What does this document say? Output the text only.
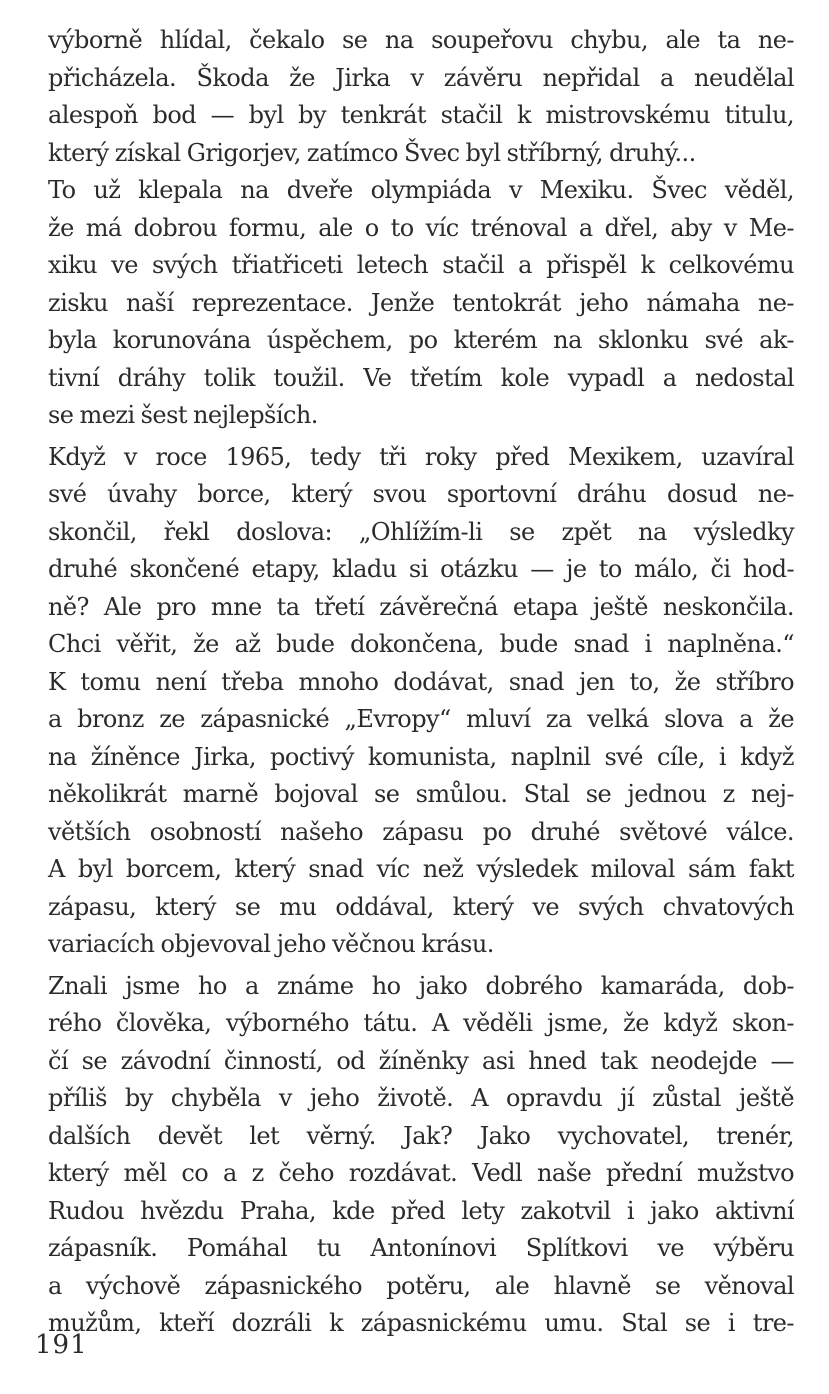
výborně hlídal, čekalo se na soupeřovu chybu, ale ta ne-
přicházela. Škoda že Jirka v závěru nepřidal a neudělal
alespoň bod — byl by tenkrát stačil k mistrovskému titulu,
který získal Grigorjev, zatímco Švec byl stříbrný, druhý...
To už klepala na dveře olympiáda v Mexiku. Švec věděl,
že má dobrou formu, ale o to víc trénoval a dřel, aby v Me-
xiku ve svých třiatřiceti letech stačil a přispěl k celkovému
zisku naší reprezentace. Jenže tentokrát jeho námaha ne-
byla korunována úspěchem, po kterém na sklonku své ak-
tivní dráhy tolik toužil. Ve třetím kole vypadl a nedostal
se mezi šest nejlepších.
Když v roce 1965, tedy tři roky před Mexikem, uzavíral
své úvahy borce, který svou sportovní dráhu dosud ne-
skončil, řekl doslova: „Ohlížím-li se zpět na výsledky
druhé skončené etapy, kladu si otázku — je to málo, či hod-
ně? Ale pro mne ta třetí závěrečná etapa ještě neskončila.
Chci věřit, že až bude dokončena, bude snad i naplněna.“
K tomu není třeba mnoho dodávat, snad jen to, že stříbro
a bronz ze zápasnické „Evropy“ mluví za velká slova a že
na žíněnce Jirka, poctivý komunista, naplnil své cíle, i když
několikrát marně bojoval se smůlou. Stal se jednou z nej-
větších osobností našeho zápasu po druhé světové válce.
A byl borcem, který snad víc než výsledek miloval sám fakt
zápasu, který se mu oddával, který ve svých chvatových
variacích objevoval jeho věčnou krásu.
Znali jsme ho a známe ho jako dobrého kamaráda, dob-
rého člověka, výborného tátu. A věděli jsme, že když skon-
čí se závodní činností, od žíněnky asi hned tak neodejde —
příliš by chyběla v jeho životě. A opravdu jí zůstal ještě
dalších devět let věrný. Jak? Jako vychovatel, trenér,
který měl co a z čeho rozdávat. Vedl naše přední mužstvo
Rudou hvězdu Praha, kde před lety zakotvil i jako aktivní
zápasník. Pomáhal tu Antonínovi Splítkovi ve výběru
a výchově zápasnického potěru, ale hlavně se věnoval
mužům, kteří dozráli k zápasnickému umu. Stal se i tre-
191
